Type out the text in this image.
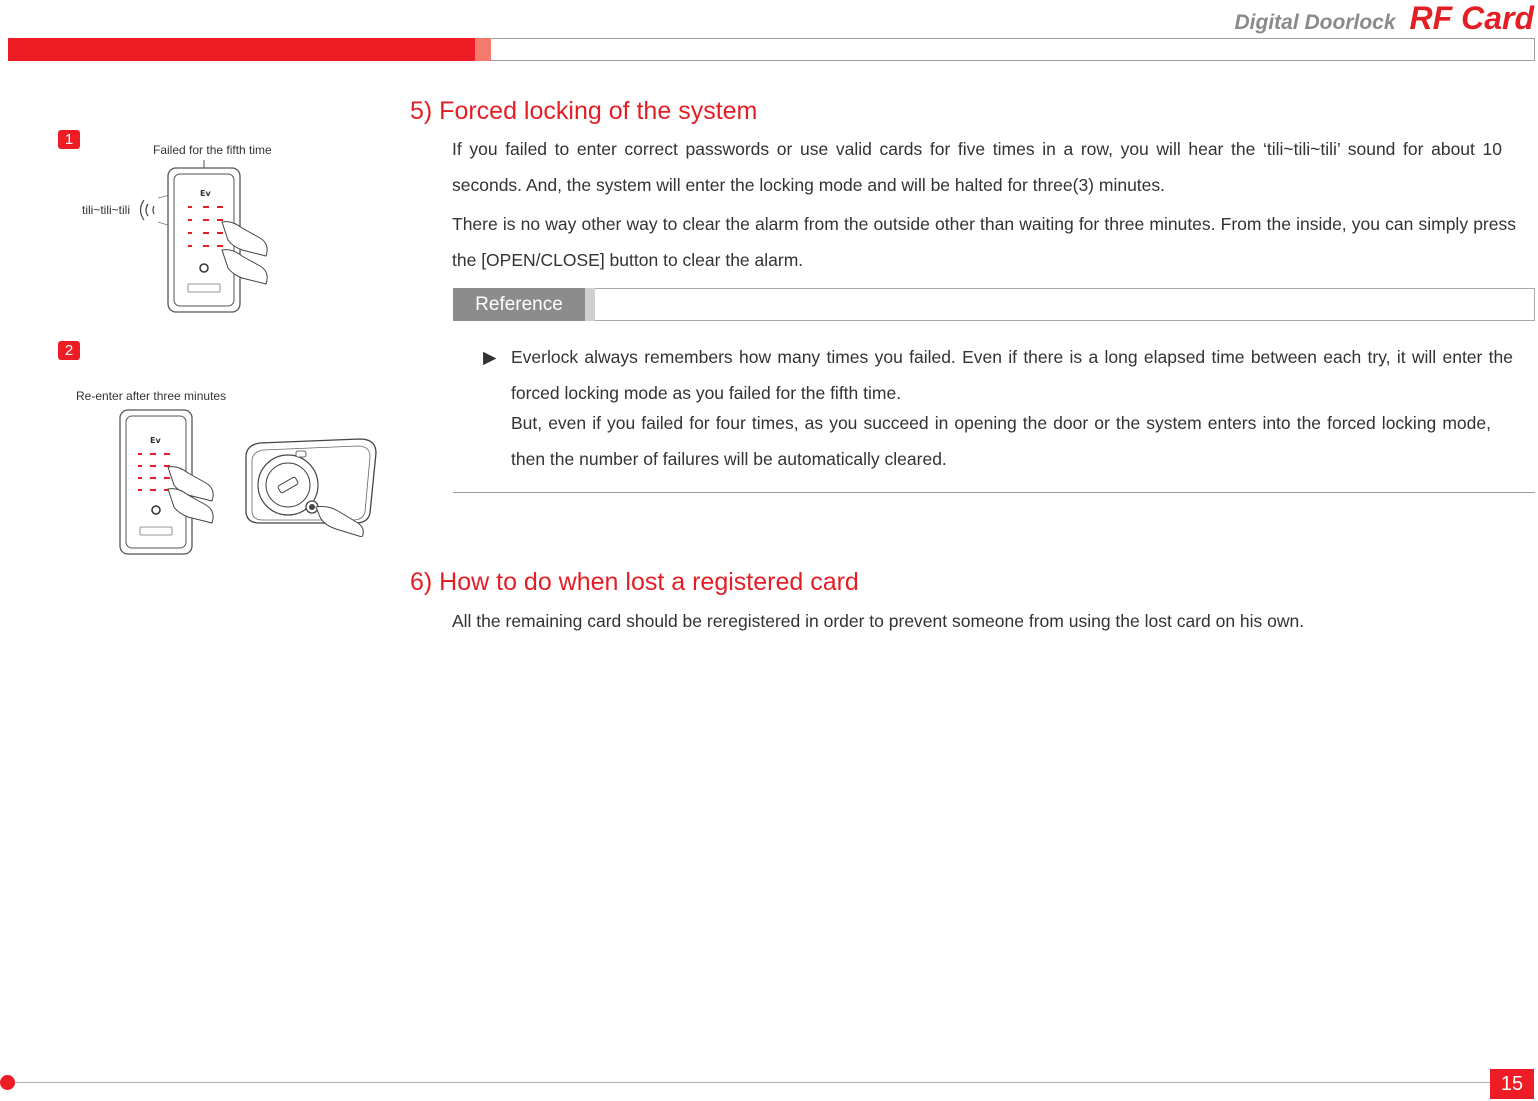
Digital Doorlock RF Card
1
Failed for the fifth time
tili~tili~tili
Ev
2
Re-enter after three minutes
Ev
5) Forced locking of the system
If you failed to enter correct passwords or use valid cards for five times in a row, you will hear the ‘tili~tili~tili’ sound for about 10 seconds. And, the system will enter the locking mode and will be halted for three(3) minutes.
There is no way other way to clear the alarm from the outside other than waiting for three minutes. From the inside, you can simply press the [OPEN/CLOSE] button to clear the alarm.
Reference
▶ Everlock always remembers how many times you failed. Even if there is a long elapsed time between each try, it will enter the forced locking mode as you failed for the fifth time.
But, even if you failed for four times, as you succeed in opening the door or the system enters into the forced locking mode, then the number of failures will be automatically cleared.
6) How to do when lost a registered card
All the remaining card should be reregistered in order to prevent someone from using the lost card on his own.
15
